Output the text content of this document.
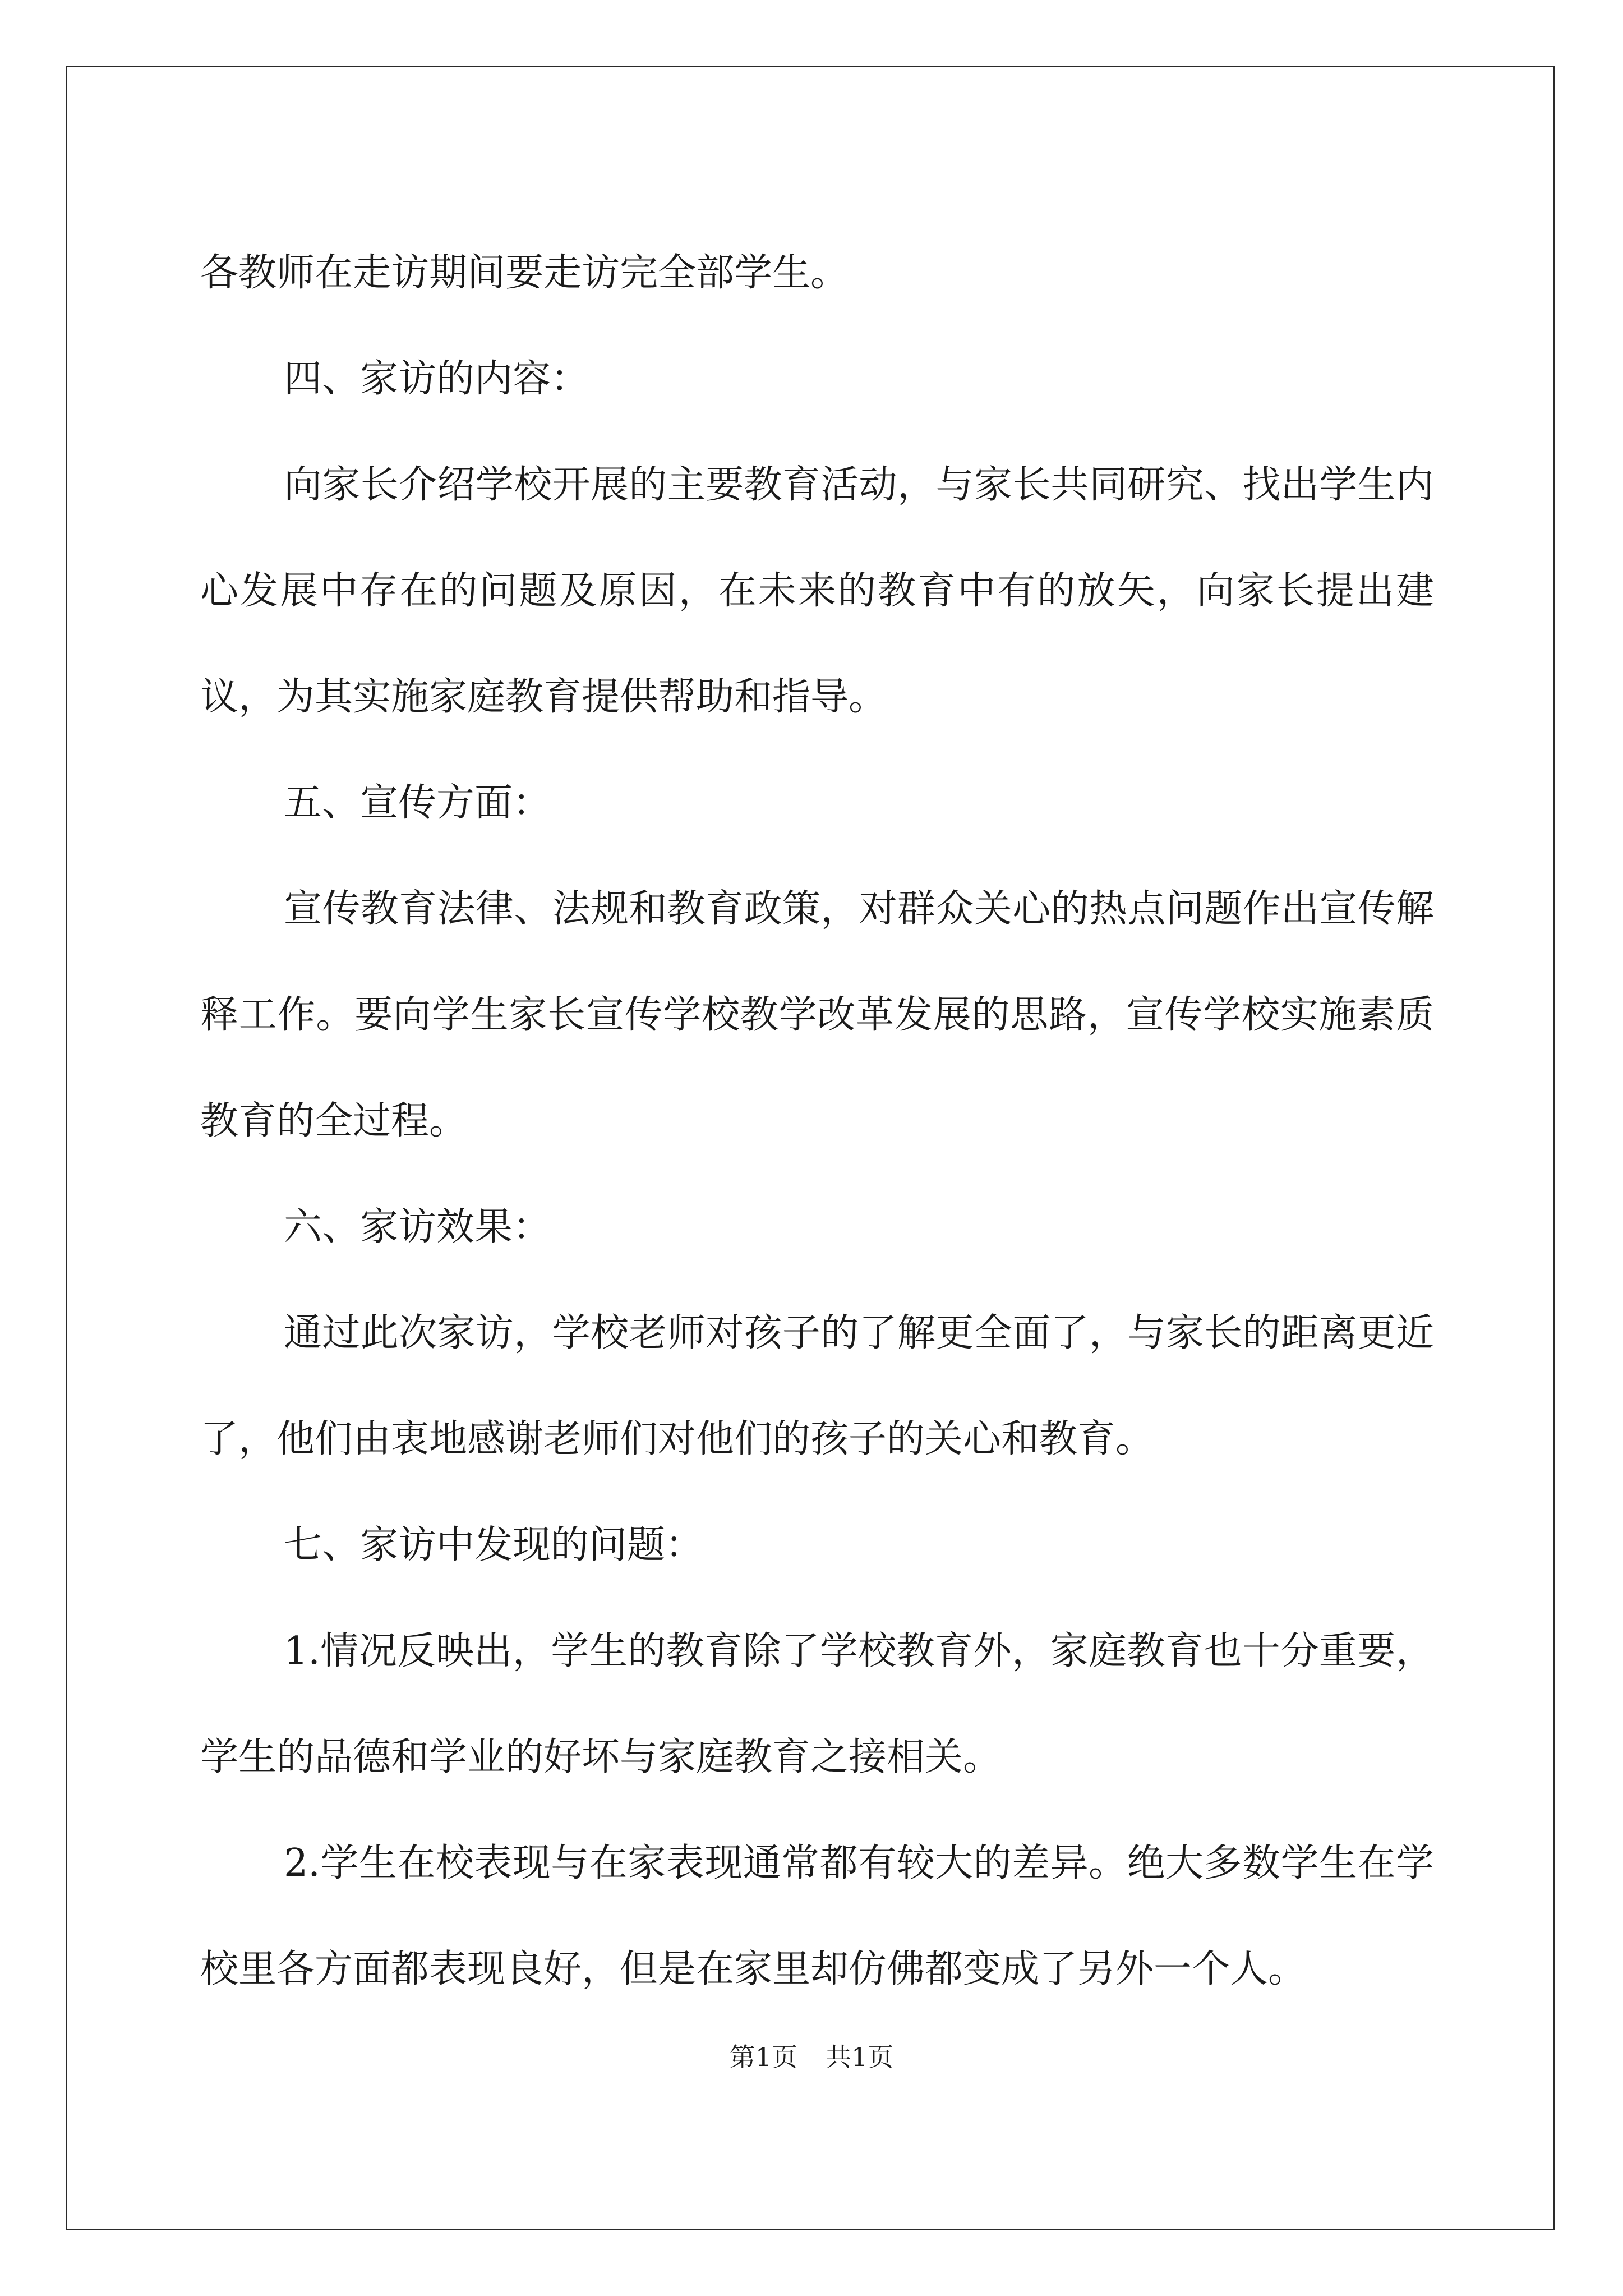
各教师在走访期间要走访完全部学生。

四、家访的内容：

向家长介绍学校开展的主要教育活动，与家长共同研究、找出学生内心发展中存在的问题及原因，在未来的教育中有的放矢，向家长提出建议，为其实施家庭教育提供帮助和指导。

五、宣传方面：

宣传教育法律、法规和教育政策，对群众关心的热点问题作出宣传解释工作。要向学生家长宣传学校教学改革发展的思路，宣传学校实施素质教育的全过程。

六、家访效果：

通过此次家访，学校老师对孩子的了解更全面了，与家长的距离更近了，他们由衷地感谢老师们对他们的孩子的关心和教育。

七、家访中发现的问题：

1.情况反映出，学生的教育除了学校教育外，家庭教育也十分重要，学生的品德和学业的好坏与家庭教育之接相关。

2.学生在校表现与在家表现通常都有较大的差异。绝大多数学生在学校里各方面都表现良好，但是在家里却仿佛都变成了另外一个人。

第1页 共1页
